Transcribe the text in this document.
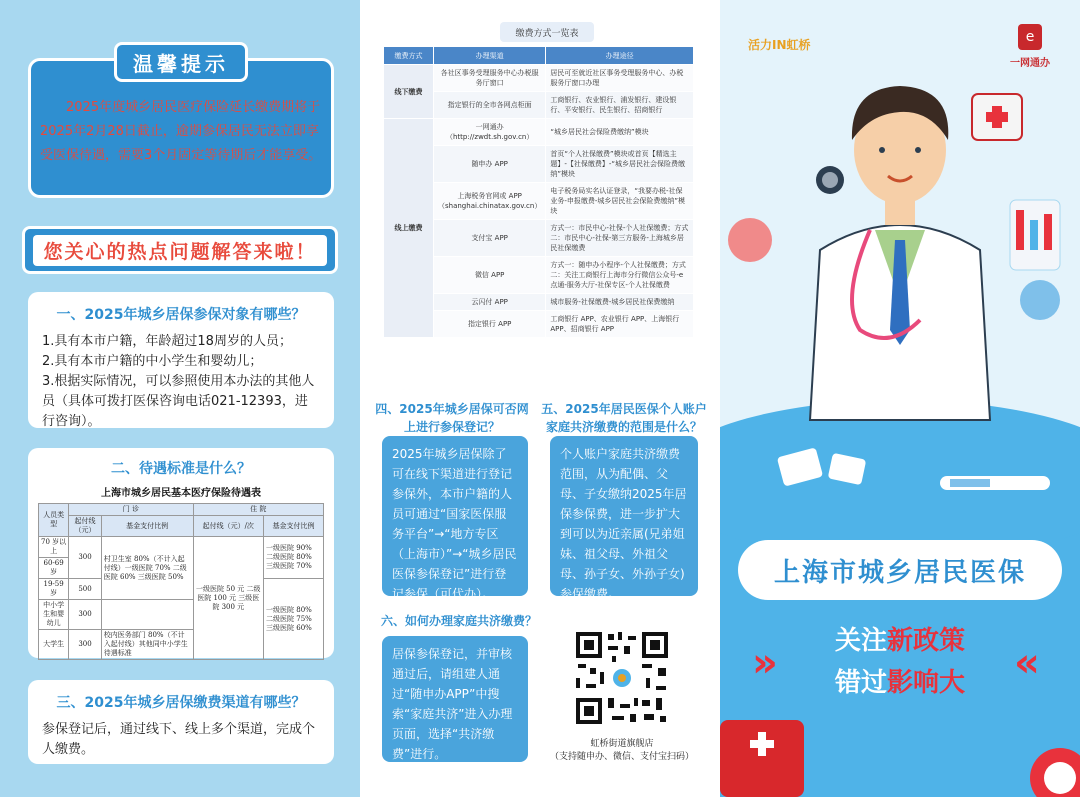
温馨提示
2025年度城乡居民医疗保险延长缴费期将于2025年2月28日截止，逾期参保居民无法立即享受医保待遇，需要3个月固定等待期后才能享受。
您关心的热点问题解答来啦！
一、2025年城乡居保参保对象有哪些？
1.具有本市户籍，年龄超过18周岁的人员；
2.具有本市户籍的中小学生和婴幼儿；
3.根据实际情况，可以参照使用本办法的其他人员（具体可拨打医保咨询电话021-12393，进行咨询）。
二、待遇标准是什么？
上海市城乡居民基本医疗保险待遇表
人员类型	门 诊		住 院	
	起付线（元）	基金支付比例	起付线（元）/次	基金支付比例
70 岁以上	300	村卫生室 80%（不计入起付线）一级医院 70% 二级医院 60% 三级医院 50%	一级医院 50 元 二级医院 100 元 三级医院 300 元	一级医院 90% 二级医院 80% 三级医院 70%
60-69 岁				
19-59 岁	500			一级医院 80% 二级医院 75% 三级医院 60%
中小学生和婴幼儿	300			
大学生	300	校内医务部门 80%（不计入起付线）其他同中小学生待遇标准		
三、2025年城乡居保缴费渠道有哪些？
参保登记后，通过线下、线上多个渠道，完成个人缴费。
缴费方式一览表
缴费方式	办理渠道	办理途径
线下缴费	各社区事务受理服务中心办税服务厅窗口	居民可至就近社区事务受理服务中心、办税服务厅窗口办理
	指定银行的全市各网点柜面	工商银行、农业银行、浦发银行、建设银行、平安银行、民生银行、招商银行
线上缴费	一网通办（http://zwdt.sh.gov.cn）	“城乡居民社会保险费缴纳”模块
	随申办 APP	首页“个人社保缴费”模块或首页【精选主题】-【社保缴费】-“城乡居民社会保险费缴纳”模块
	上海税务官网或 APP（shanghai.chinatax.gov.cn）	电子税务局实名认证登录，“我要办税-社保业务-申报缴费-城乡居民社会保险费缴纳”模块
	支付宝 APP	方式一：市民中心-社保-个人社保缴费；方式二：市民中心-社保-第三方服务-上海城乡居民社保缴费
	微信 APP	方式一：随申办小程序-个人社保缴费；方式二：关注工商银行上海市分行微信公众号-e点通-服务大厅-社保专区-个人社保缴费
	云闪付 APP	城市服务-社保缴费-城乡居民社保费缴纳
	指定银行 APP	工商银行 APP、农业银行 APP、上海银行 APP、招商银行 APP
四、2025年城乡居保可否网上进行参保登记？
2025年城乡居保除了可在线下渠道进行登记参保外，本市户籍的人员可通过“国家医保服务平台”→“地方专区（上海市）”→“城乡居民医保参保登记”进行登记参保（可代办）。
五、2025年居民医保个人账户家庭共济缴费的范围是什么？
个人账户家庭共济缴费范围，从为配偶、父母、子女缴纳2025年居保参保费，进一步扩大到可以为近亲属(兄弟姐妹、祖父母、外祖父母、孙子女、外孙子女)参保缴费。
六、如何办理家庭共济缴费？
居保参保登记，并审核通过后，请组建人通过“随申办APP”中搜索“家庭共济”进入办理页面，选择“共济缴费”进行。
虹桥街道旗舰店
（支持随申办、微信、支付宝扫码）
活力IN虹桥	e
一网通办
上海市城乡居民医保
»	«
关注新政策
错过影响大
